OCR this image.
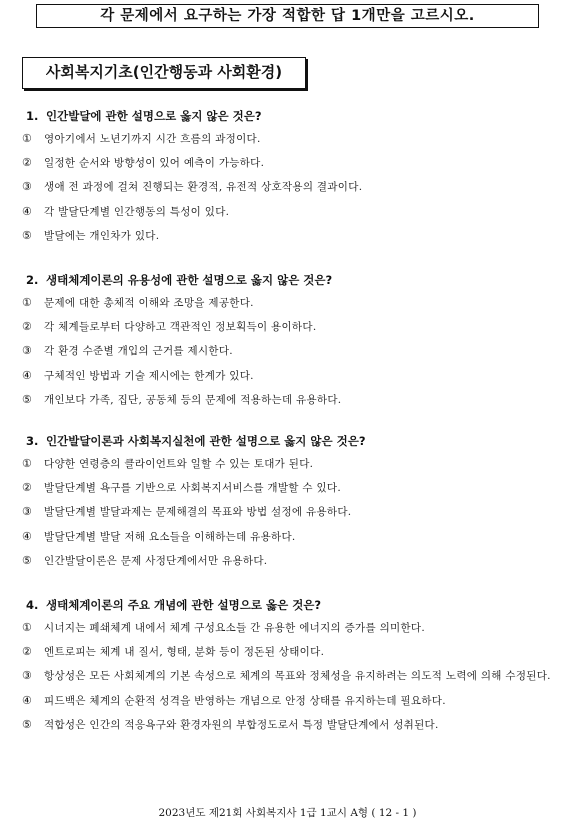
각 문제에서 요구하는 가장 적합한 답 1개만을 고르시오.
사회복지기초(인간행동과 사회환경)
1. 인간발달에 관한 설명으로 옳지 않은 것은?
①	영아기에서 노년기까지 시간 흐름의 과정이다.
②	일정한 순서와 방향성이 있어 예측이 가능하다.
③	생애 전 과정에 걸쳐 진행되는 환경적, 유전적 상호작용의 결과이다.
④	각 발달단계별 인간행동의 특성이 있다.
⑤	발달에는 개인차가 있다.
2. 생태체계이론의 유용성에 관한 설명으로 옳지 않은 것은?
①	문제에 대한 총체적 이해와 조망을 제공한다.
②	각 체계들로부터 다양하고 객관적인 정보획득이 용이하다.
③	각 환경 수준별 개입의 근거를 제시한다.
④	구체적인 방법과 기술 제시에는 한계가 있다.
⑤	개인보다 가족, 집단, 공동체 등의 문제에 적용하는데 유용하다.
3. 인간발달이론과 사회복지실천에 관한 설명으로 옳지 않은 것은?
①	다양한 연령층의 클라이언트와 일할 수 있는 토대가 된다.
②	발달단계별 욕구를 기반으로 사회복지서비스를 개발할 수 있다.
③	발달단계별 발달과제는 문제해결의 목표와 방법 설정에 유용하다.
④	발달단계별 발달 저해 요소들을 이해하는데 유용하다.
⑤	인간발달이론은 문제 사정단계에서만 유용하다.
4. 생태체계이론의 주요 개념에 관한 설명으로 옳은 것은?
①	시너지는 폐쇄체계 내에서 체계 구성요소들 간 유용한 에너지의 증가를 의미한다.
②	엔트로피는 체계 내 질서, 형태, 분화 등이 정돈된 상태이다.
③	항상성은 모든 사회체계의 기본 속성으로 체계의 목표와 정체성을 유지하려는 의도적 노력에 의해 수정된다.
④	피드백은 체계의 순환적 성격을 반영하는 개념으로 안정 상태를 유지하는데 필요하다.
⑤	적합성은 인간의 적응욕구와 환경자원의 부합정도로서 특정 발달단계에서 성취된다.
2023년도 제21회 사회복지사 1급 1교시 A형 ( 12 - 1 )
